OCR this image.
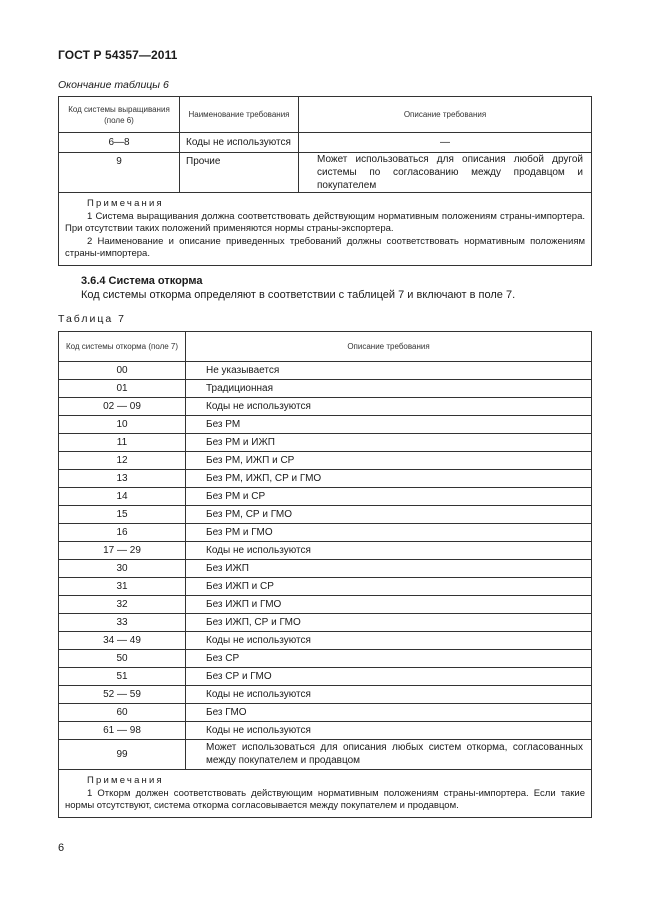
ГОСТ Р 54357—2011
Окончание таблицы 6
Код системы выращивания (поле 6)	Наименование требования	Описание требования
6—8	Коды не используются	—
9	Прочие	Может использоваться для описания любой другой системы по согласованию между продавцом и покупателем

Примечания

1 Система выращивания должна соответствовать действующим нормативным положениям страны-импортера. При отсутствии таких положений применяются нормы страны-экспортера.

2 Наименование и описание приведенных требований должны соответствовать нормативным положениям страны-импортера.		

3.6.4 Система откорма
Код системы откорма определяют в соответствии с таблицей 7 и включают в поле 7.
Таблица 7
Код системы откорма (поле 7)	Описание требования
00	Не указывается
01	Традиционная
02 — 09	Коды не используются
10	Без РМ
11	Без РМ и ИЖП
12	Без РМ, ИЖП и СР
13	Без РМ, ИЖП, СР и ГМО
14	Без РМ и СР
15	Без РМ, СР и ГМО
16	Без РМ и ГМО
17 — 29	Коды не используются
30	Без ИЖП
31	Без ИЖП и СР
32	Без ИЖП и ГМО
33	Без ИЖП, СР и ГМО
34 — 49	Коды не используются
50	Без СР
51	Без СР и ГМО
52 — 59	Коды не используются
60	Без ГМО
61 — 98	Коды не используются
99	Может использоваться для описания любых систем откорма, согласованных между покупателем и продавцом

Примечания

1 Откорм должен соответствовать действующим нормативным положениям страны-импортера. Если такие нормы отсутствуют, система откорма согласовывается между покупателем и продавцом.	

6
